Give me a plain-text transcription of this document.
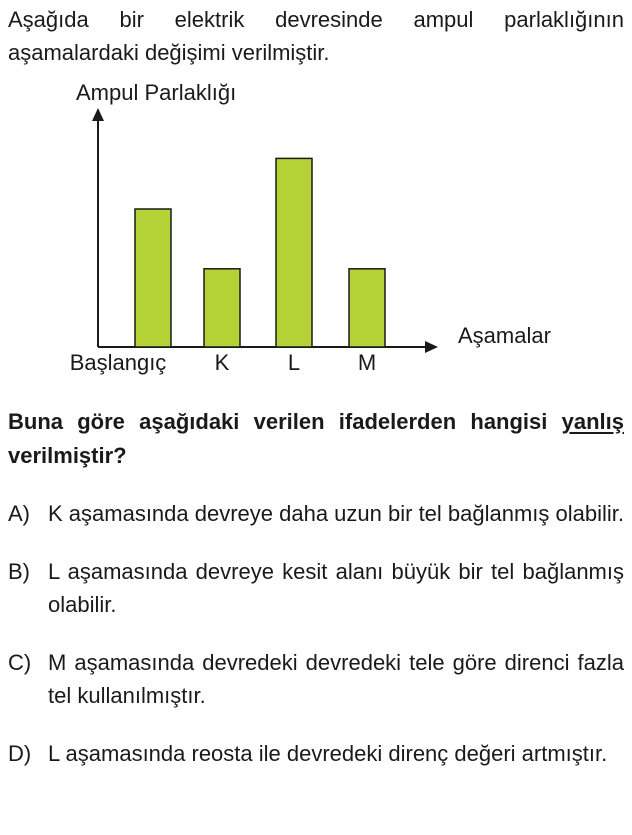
Aşağıda bir elektrik devresinde ampul parlaklığının aşamalardaki değişimi verilmiştir.

Ampul Parlaklığı
Aşamalar
Başlangıç K	L	M

Buna göre aşağıdaki verilen ifadelerden hangisi yanlış verilmiştir?

A) K aşamasında devreye daha uzun bir tel bağlanmış olabilir.

B) L aşamasında devreye kesit alanı büyük bir tel bağlanmış olabilir.

C) M aşamasında devredeki devredeki tele göre direnci fazla tel kullanılmıştır.

D) L aşamasında reosta ile devredeki direnç değeri artmıştır.
